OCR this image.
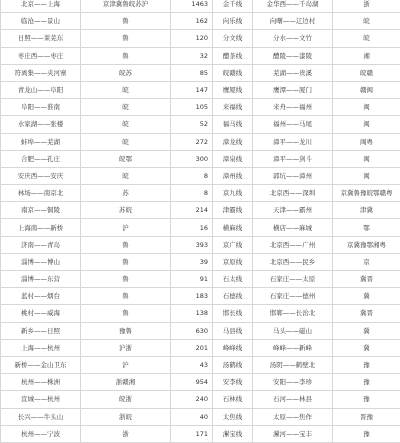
北京——上海	京津冀鲁皖苏沪	1463	金千线	金华西——千岛湖	浙
临沧——景山	鲁	162	向乐线	向曙——辽边村	皖
日照——莱芜东	鲁	120	分文线	分水——文竹	皖
枣庄西——枣庄	鲁	32	醴茶线	醴陵——漆陵	湘
符离集——夹河寨	皖苏	85	皖赣线	芜湖——贵溪	皖赣
青龙山——阜阳	皖	147	鹰厦线	鹰潭——厦门	赣闽
阜阳——淮南	皖	105	来福线	来舟——福州	闽
水家湖——张楼	皖	52	福马线	福州——马尾	闽
蚌埠——芜湖	皖	272	漳龙线	漳平——龙川	闽粤
合肥——孔庄	皖鄂	300	漳泉线	漳平——剑斗	闽
安庆西——安庆	皖	8	漳州线	郭坑——漳州	闽
林场——南京北	苏	8	京九线	北京西——深圳	京冀鲁豫皖鄂赣粤
南京——铜陵	苏皖	214	津霸线	天津——霸州	津冀
上海南——新桥	沪	16	横麻线	横店——麻城	鄂
济南——青岛	鲁	393	京广线	北京西——广州	京冀豫鄂湘粤
淄博——博山	鲁	39	京原线	北京西——民乡	京
淄博——东营	鲁	91	石太线	石家庄——太原	冀晋
蓝村——烟台	鲁	183	石德线	石家庄——德州	冀
桃村——威海	鲁	138	邯长线	邯郸——长治北	冀晋
新乡——日照	豫鲁	630	马县线	马头——磁山	冀
上海——杭州	沪浙	201	峰峰线	峰峰——新峰	冀
新桥——金山卫东	沪	43	汤鹤线	汤阴——鹤壁北	豫
杭州——株洲	浙赣湘	954	安李线	安阳——李珍	豫
宣城——杭州	皖浙	240	石林线	石河——林县	豫
长兴——牛头山	浙皖	40	太焦线	太原——焦作	晋豫
杭州——宁波	浙	171	漯宝线	漯河——宝丰	豫
